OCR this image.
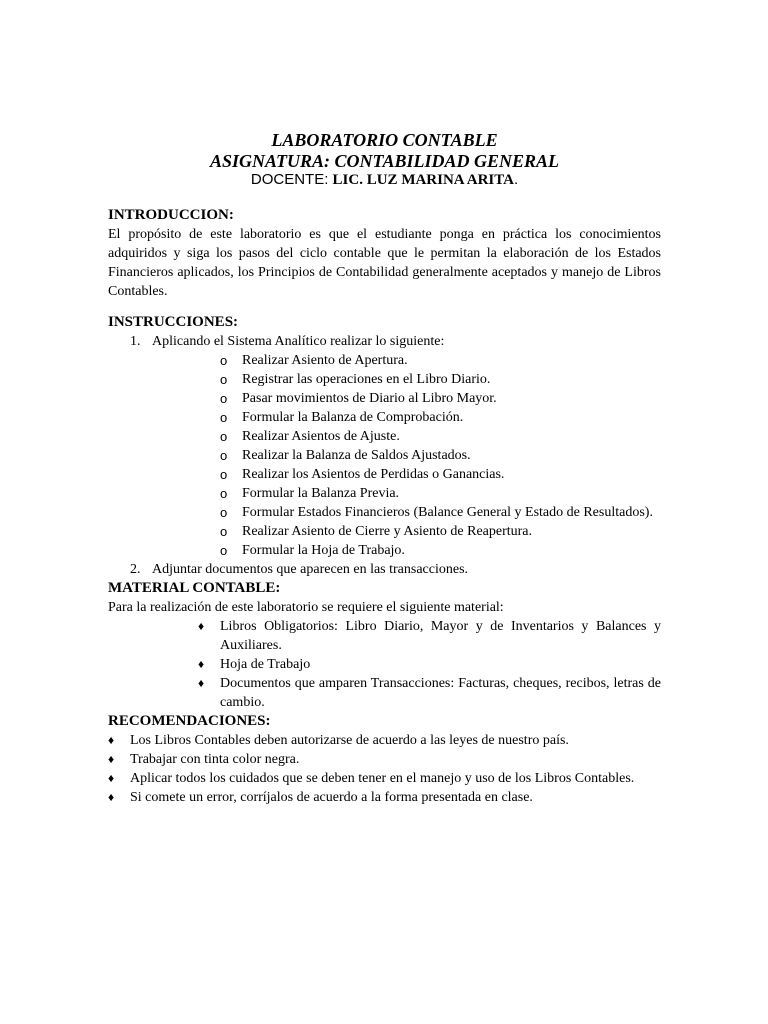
LABORATORIO CONTABLE
ASIGNATURA: CONTABILIDAD GENERAL
DOCENTE: LIC. LUZ MARINA ARITA.
INTRODUCCION:
El propósito de este laboratorio es que el estudiante ponga en práctica los conocimientos adquiridos y siga los pasos del ciclo contable que le permitan la elaboración de los Estados Financieros aplicados, los Principios de Contabilidad generalmente aceptados y manejo de Libros Contables.
INSTRUCCIONES:
1. Aplicando el Sistema Analítico realizar lo siguiente:
o Realizar Asiento de Apertura.
o Registrar las operaciones en el Libro Diario.
o Pasar movimientos de Diario al Libro Mayor.
o Formular la Balanza de Comprobación.
o Realizar Asientos de Ajuste.
o Realizar la Balanza de Saldos Ajustados.
o Realizar los Asientos de Perdidas o Ganancias.
o Formular la Balanza Previa.
o Formular Estados Financieros (Balance General y Estado de Resultados).
o Realizar Asiento de Cierre y Asiento de Reapertura.
o Formular la Hoja de Trabajo.
2. Adjuntar documentos que aparecen en las transacciones.
MATERIAL CONTABLE:
Para la realización de este laboratorio se requiere el siguiente material:
♦ Libros Obligatorios: Libro Diario, Mayor y de Inventarios y Balances y Auxiliares.
♦ Hoja de Trabajo
♦ Documentos que amparen Transacciones: Facturas, cheques, recibos, letras de cambio.
RECOMENDACIONES:
♦ Los Libros Contables deben autorizarse de acuerdo a las leyes de nuestro país.
♦ Trabajar con tinta color negra.
♦ Aplicar todos los cuidados que se deben tener en el manejo y uso de los Libros Contables.
♦ Si comete un error, corríjalos de acuerdo a la forma presentada en clase.
